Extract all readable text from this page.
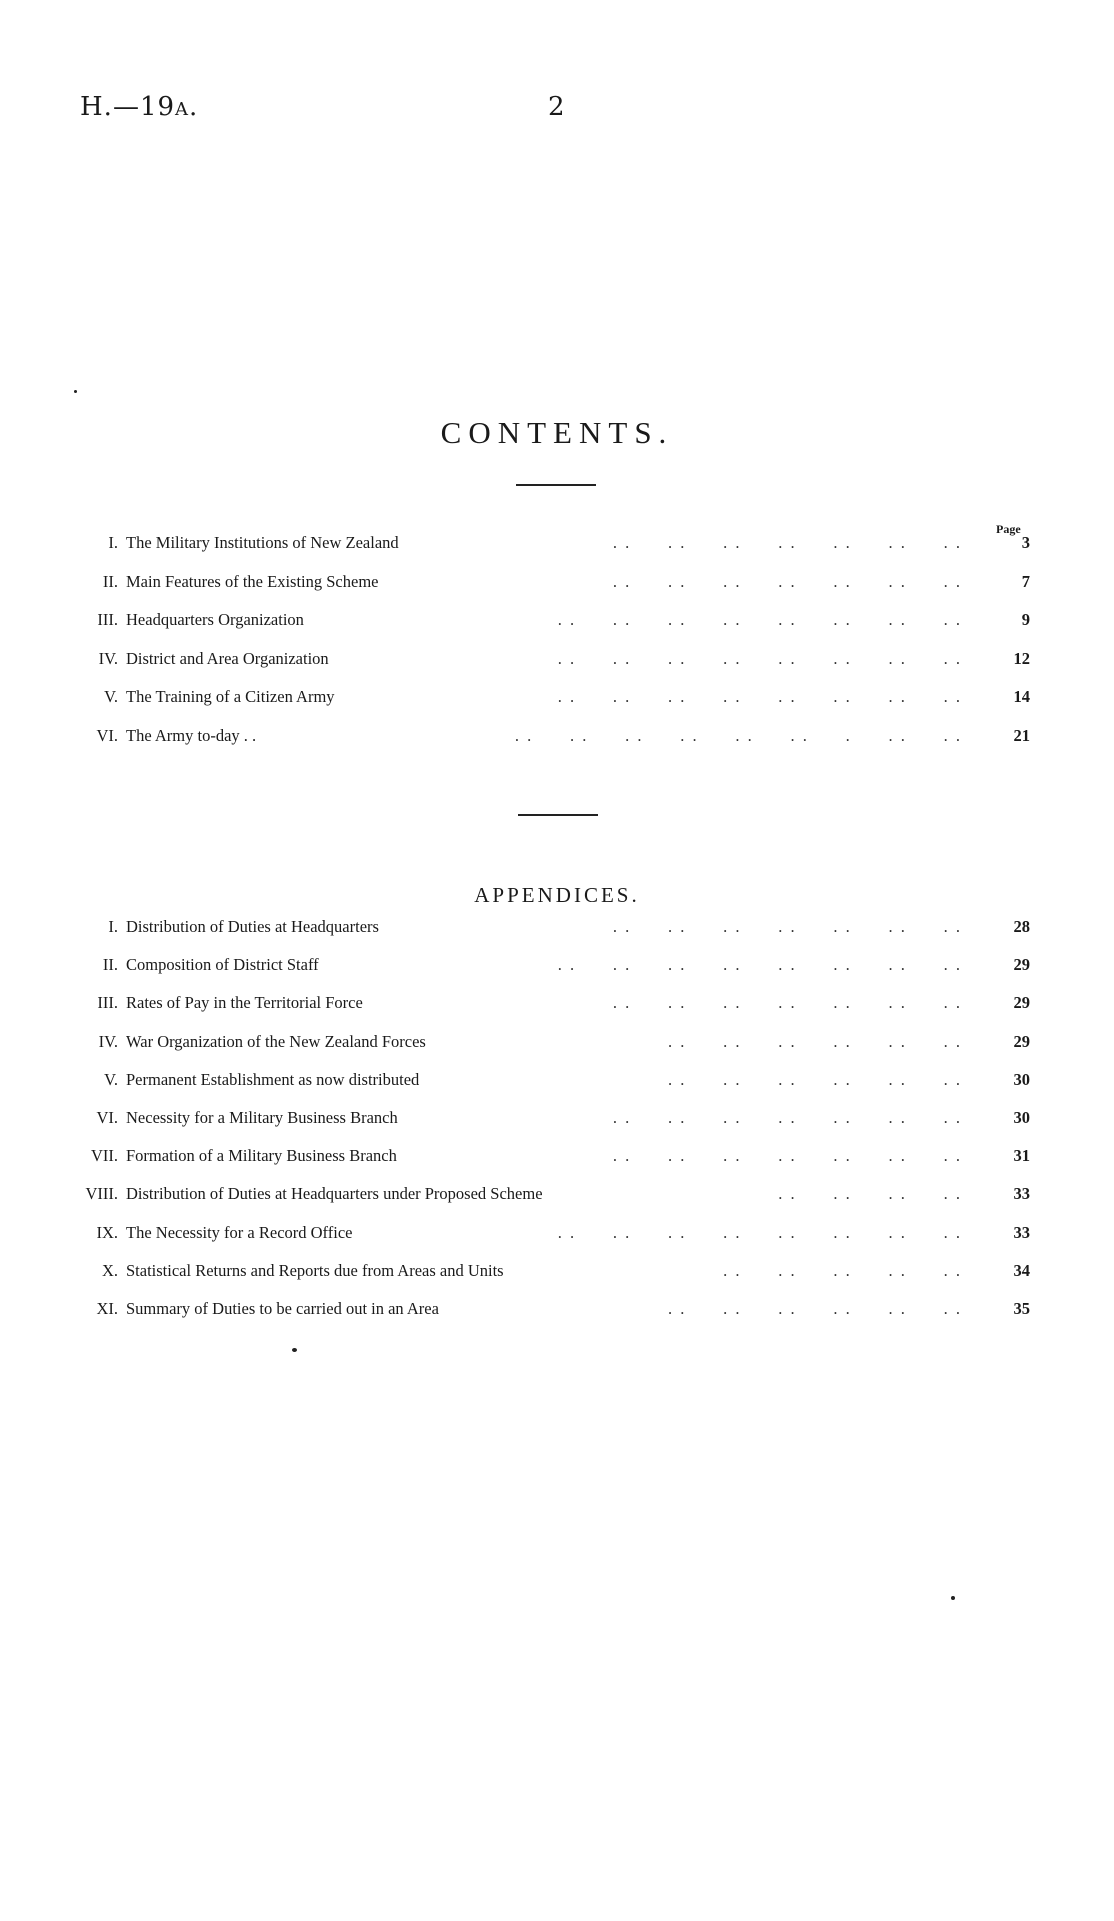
H.—19A.	2
CONTENTS.
Page
I. The Military Institutions of New Zealand	. .      . .      . .      . .      . .      . .      . .	3
II. Main Features of the Existing Scheme	. .      . .      . .      . .      . .      . .      . .	7
III. Headquarters Organization	. .      . .      . .      . .      . .      . .      . .      . .	9
IV. District and Area Organization	. .      . .      . .      . .      . .      . .      . .      . .	12
V. The Training of a Citizen Army	. .      . .      . .      . .      . .      . .      . .      . .	14
VI. The Army to-day . .	. .      . .      . .      . .      . .      . .      .      . .      . .	21
APPENDICES.
I. Distribution of Duties at Headquarters	. .      . .      . .      . .      . .      . .      . .	28
II. Composition of District Staff	. .      . .      . .      . .      . .      . .      . .      . .	29
III. Rates of Pay in the Territorial Force	. .      . .      . .      . .      . .      . .      . .	29
IV. War Organization of the New Zealand Forces	. .      . .      . .      . .      . .      . .	29
V. Permanent Establishment as now distributed	. .      . .      . .      . .      . .      . .	30
VI. Necessity for a Military Business Branch	. .      . .      . .      . .      . .      . .      . .	30
VII. Formation of a Military Business Branch	. .      . .      . .      . .      . .      . .      . .	31
VIII. Distribution of Duties at Headquarters under Proposed Scheme	. .      . .      . .      . .	33
IX. The Necessity for a Record Office	. .      . .      . .      . .      . .      . .      . .      . .	33
X. Statistical Returns and Reports due from Areas and Units	. .      . .      . .      . .      . .	34
XI. Summary of Duties to be carried out in an Area	. .      . .      . .      . .      . .      . .	35
